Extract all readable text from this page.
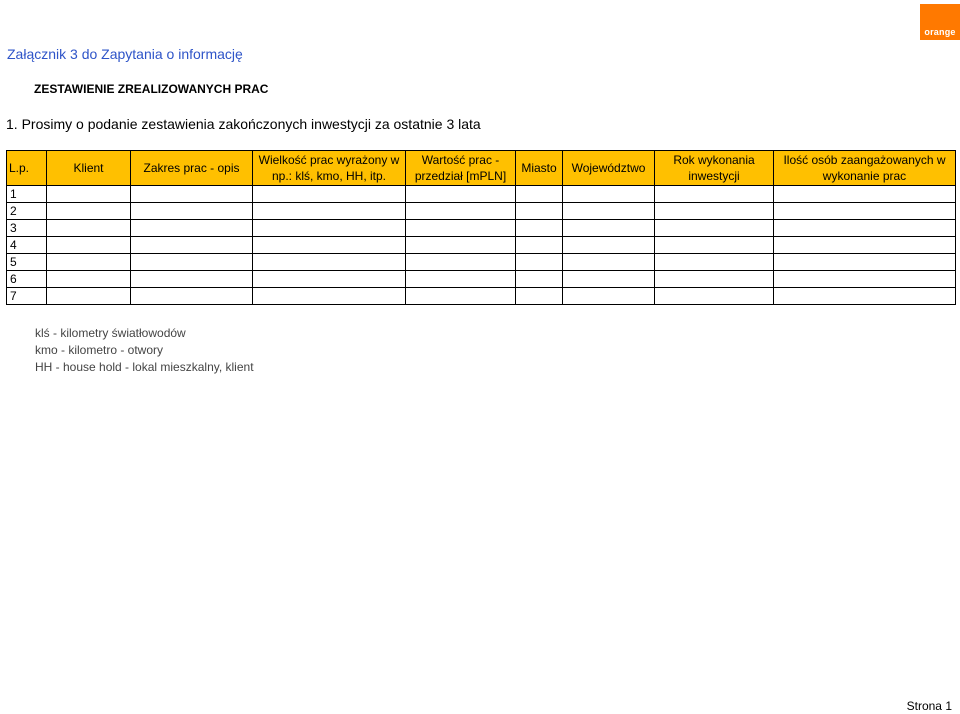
orange
Załącznik 3 do Zapytania o informację
ZESTAWIENIE ZREALIZOWANYCH PRAC
1. Prosimy o podanie zestawienia zakończonych inwestycji za ostatnie 3 lata
L.p.	Klient	Zakres prac - opis	Wielkość prac wyrażony w np.: klś, kmo, HH, itp.	Wartość prac - przedział [mPLN]	Miasto	Województwo	Rok wykonania inwestycji	Ilość osób zaangażowanych w wykonanie prac
1								
2								
3								
4								
5								
6								
7								
klś - kilometry światłowodów
kmo - kilometro - otwory
HH - house hold - lokal mieszkalny, klient
Strona 1
